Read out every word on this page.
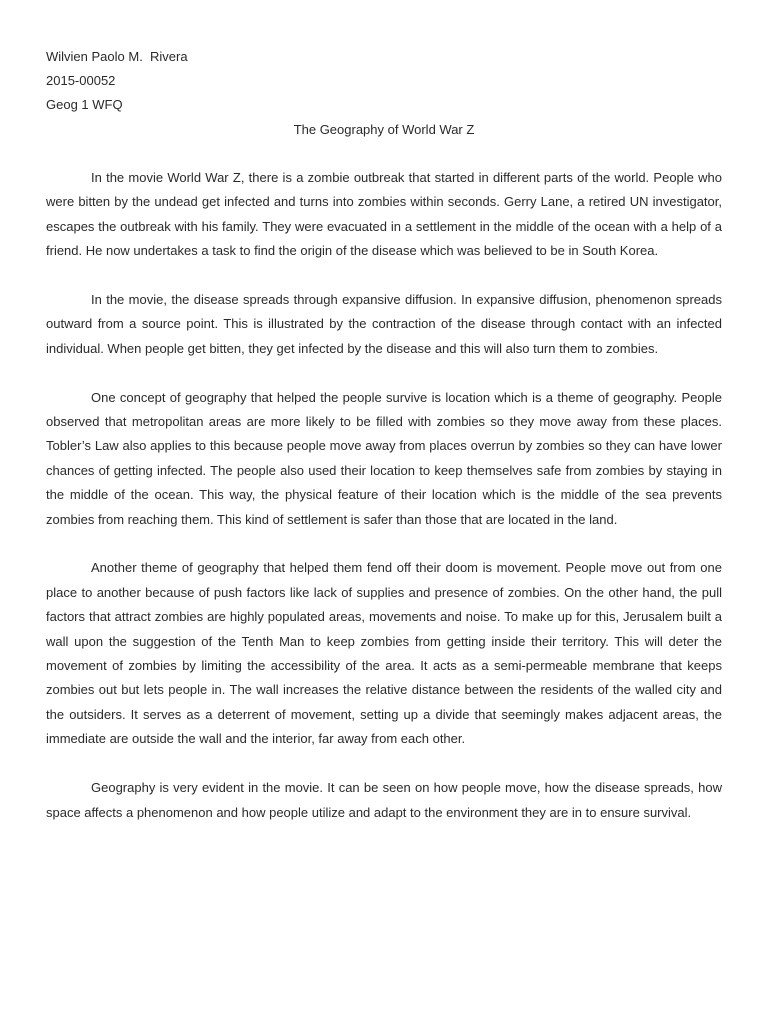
Wilvien Paolo M.  Rivera
2015-00052
Geog 1 WFQ
The Geography of World War Z

In the movie World War Z, there is a zombie outbreak that started in different parts of the world. People who were bitten by the undead get infected and turns into zombies within seconds. Gerry Lane, a retired UN investigator, escapes the outbreak with his family. They were evacuated in a settlement in the middle of the ocean with a help of a friend. He now undertakes a task to find the origin of the disease which was believed to be in South Korea.

In the movie, the disease spreads through expansive diffusion. In expansive diffusion, phenomenon spreads outward from a source point. This is illustrated by the contraction of the disease through contact with an infected individual. When people get bitten, they get infected by the disease and this will also turn them to zombies.

One concept of geography that helped the people survive is location which is a theme of geography. People observed that metropolitan areas are more likely to be filled with zombies so they move away from these places. Tobler’s Law also applies to this because people move away from places overrun by zombies so they can have lower chances of getting infected. The people also used their location to keep themselves safe from zombies by staying in the middle of the ocean. This way, the physical feature of their location which is the middle of the sea prevents zombies from reaching them. This kind of settlement is safer than those that are located in the land.

Another theme of geography that helped them fend off their doom is movement. People move out from one place to another because of push factors like lack of supplies and presence of zombies. On the other hand, the pull factors that attract zombies are highly populated areas, movements and noise. To make up for this, Jerusalem built a wall upon the suggestion of the Tenth Man to keep zombies from getting inside their territory. This will deter the movement of zombies by limiting the accessibility of the area. It acts as a semi-permeable membrane that keeps zombies out but lets people in. The wall increases the relative distance between the residents of the walled city and the outsiders. It serves as a deterrent of movement, setting up a divide that seemingly makes adjacent areas, the immediate are outside the wall and the interior, far away from each other.

Geography is very evident in the movie. It can be seen on how people move, how the disease spreads, how space affects a phenomenon and how people utilize and adapt to the environment they are in to ensure survival.
